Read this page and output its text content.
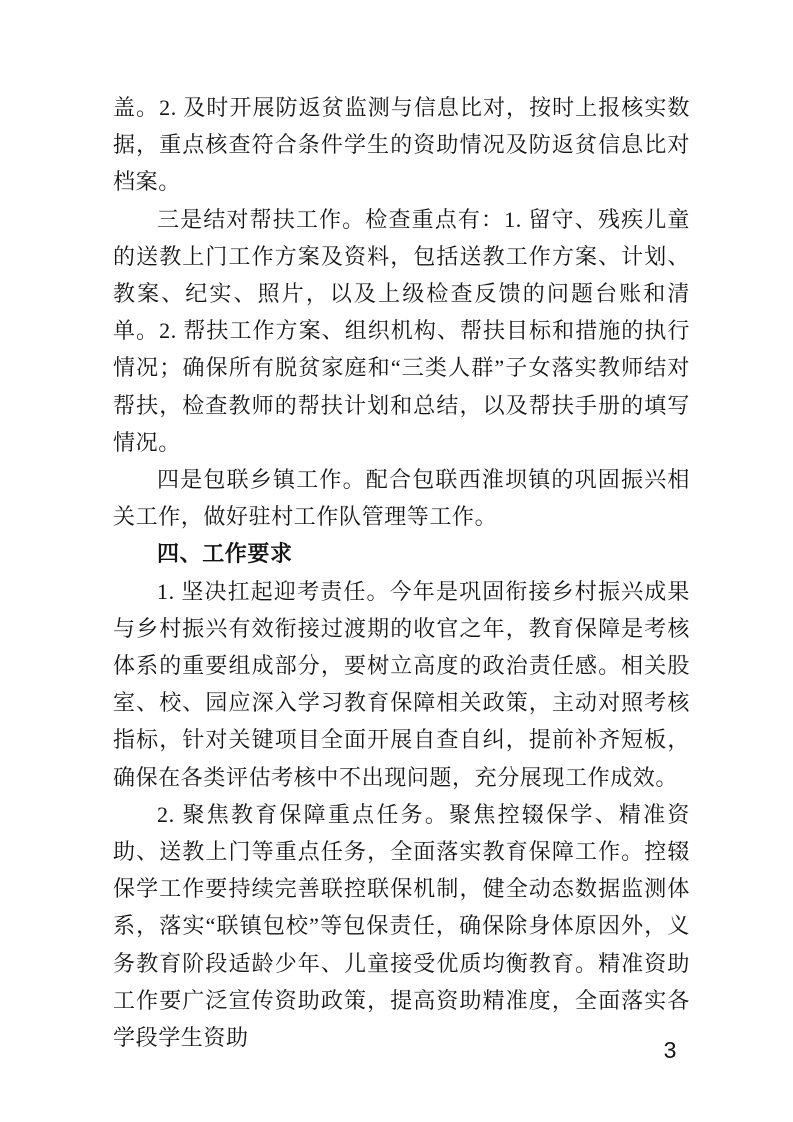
盖。2. 及时开展防返贫监测与信息比对，按时上报核实数据，重点核查符合条件学生的资助情况及防返贫信息比对档案。

三是结对帮扶工作。检查重点有：1. 留守、残疾儿童的送教上门工作方案及资料，包括送教工作方案、计划、教案、纪实、照片，以及上级检查反馈的问题台账和清单。2. 帮扶工作方案、组织机构、帮扶目标和措施的执行情况；确保所有脱贫家庭和“三类人群”子女落实教师结对帮扶，检查教师的帮扶计划和总结，以及帮扶手册的填写情况。

四是包联乡镇工作。配合包联西淮坝镇的巩固振兴相关工作，做好驻村工作队管理等工作。

四、工作要求

1. 坚决扛起迎考责任。今年是巩固衔接乡村振兴成果与乡村振兴有效衔接过渡期的收官之年，教育保障是考核体系的重要组成部分，要树立高度的政治责任感。相关股室、校、园应深入学习教育保障相关政策，主动对照考核指标，针对关键项目全面开展自查自纠，提前补齐短板，确保在各类评估考核中不出现问题，充分展现工作成效。

2. 聚焦教育保障重点任务。聚焦控辍保学、精准资助、送教上门等重点任务，全面落实教育保障工作。控辍保学工作要持续完善联控联保机制，健全动态数据监测体系，落实“联镇包校”等包保责任，确保除身体原因外，义务教育阶段适龄少年、儿童接受优质均衡教育。精准资助工作要广泛宣传资助政策，提高资助精准度，全面落实各学段学生资助	3
